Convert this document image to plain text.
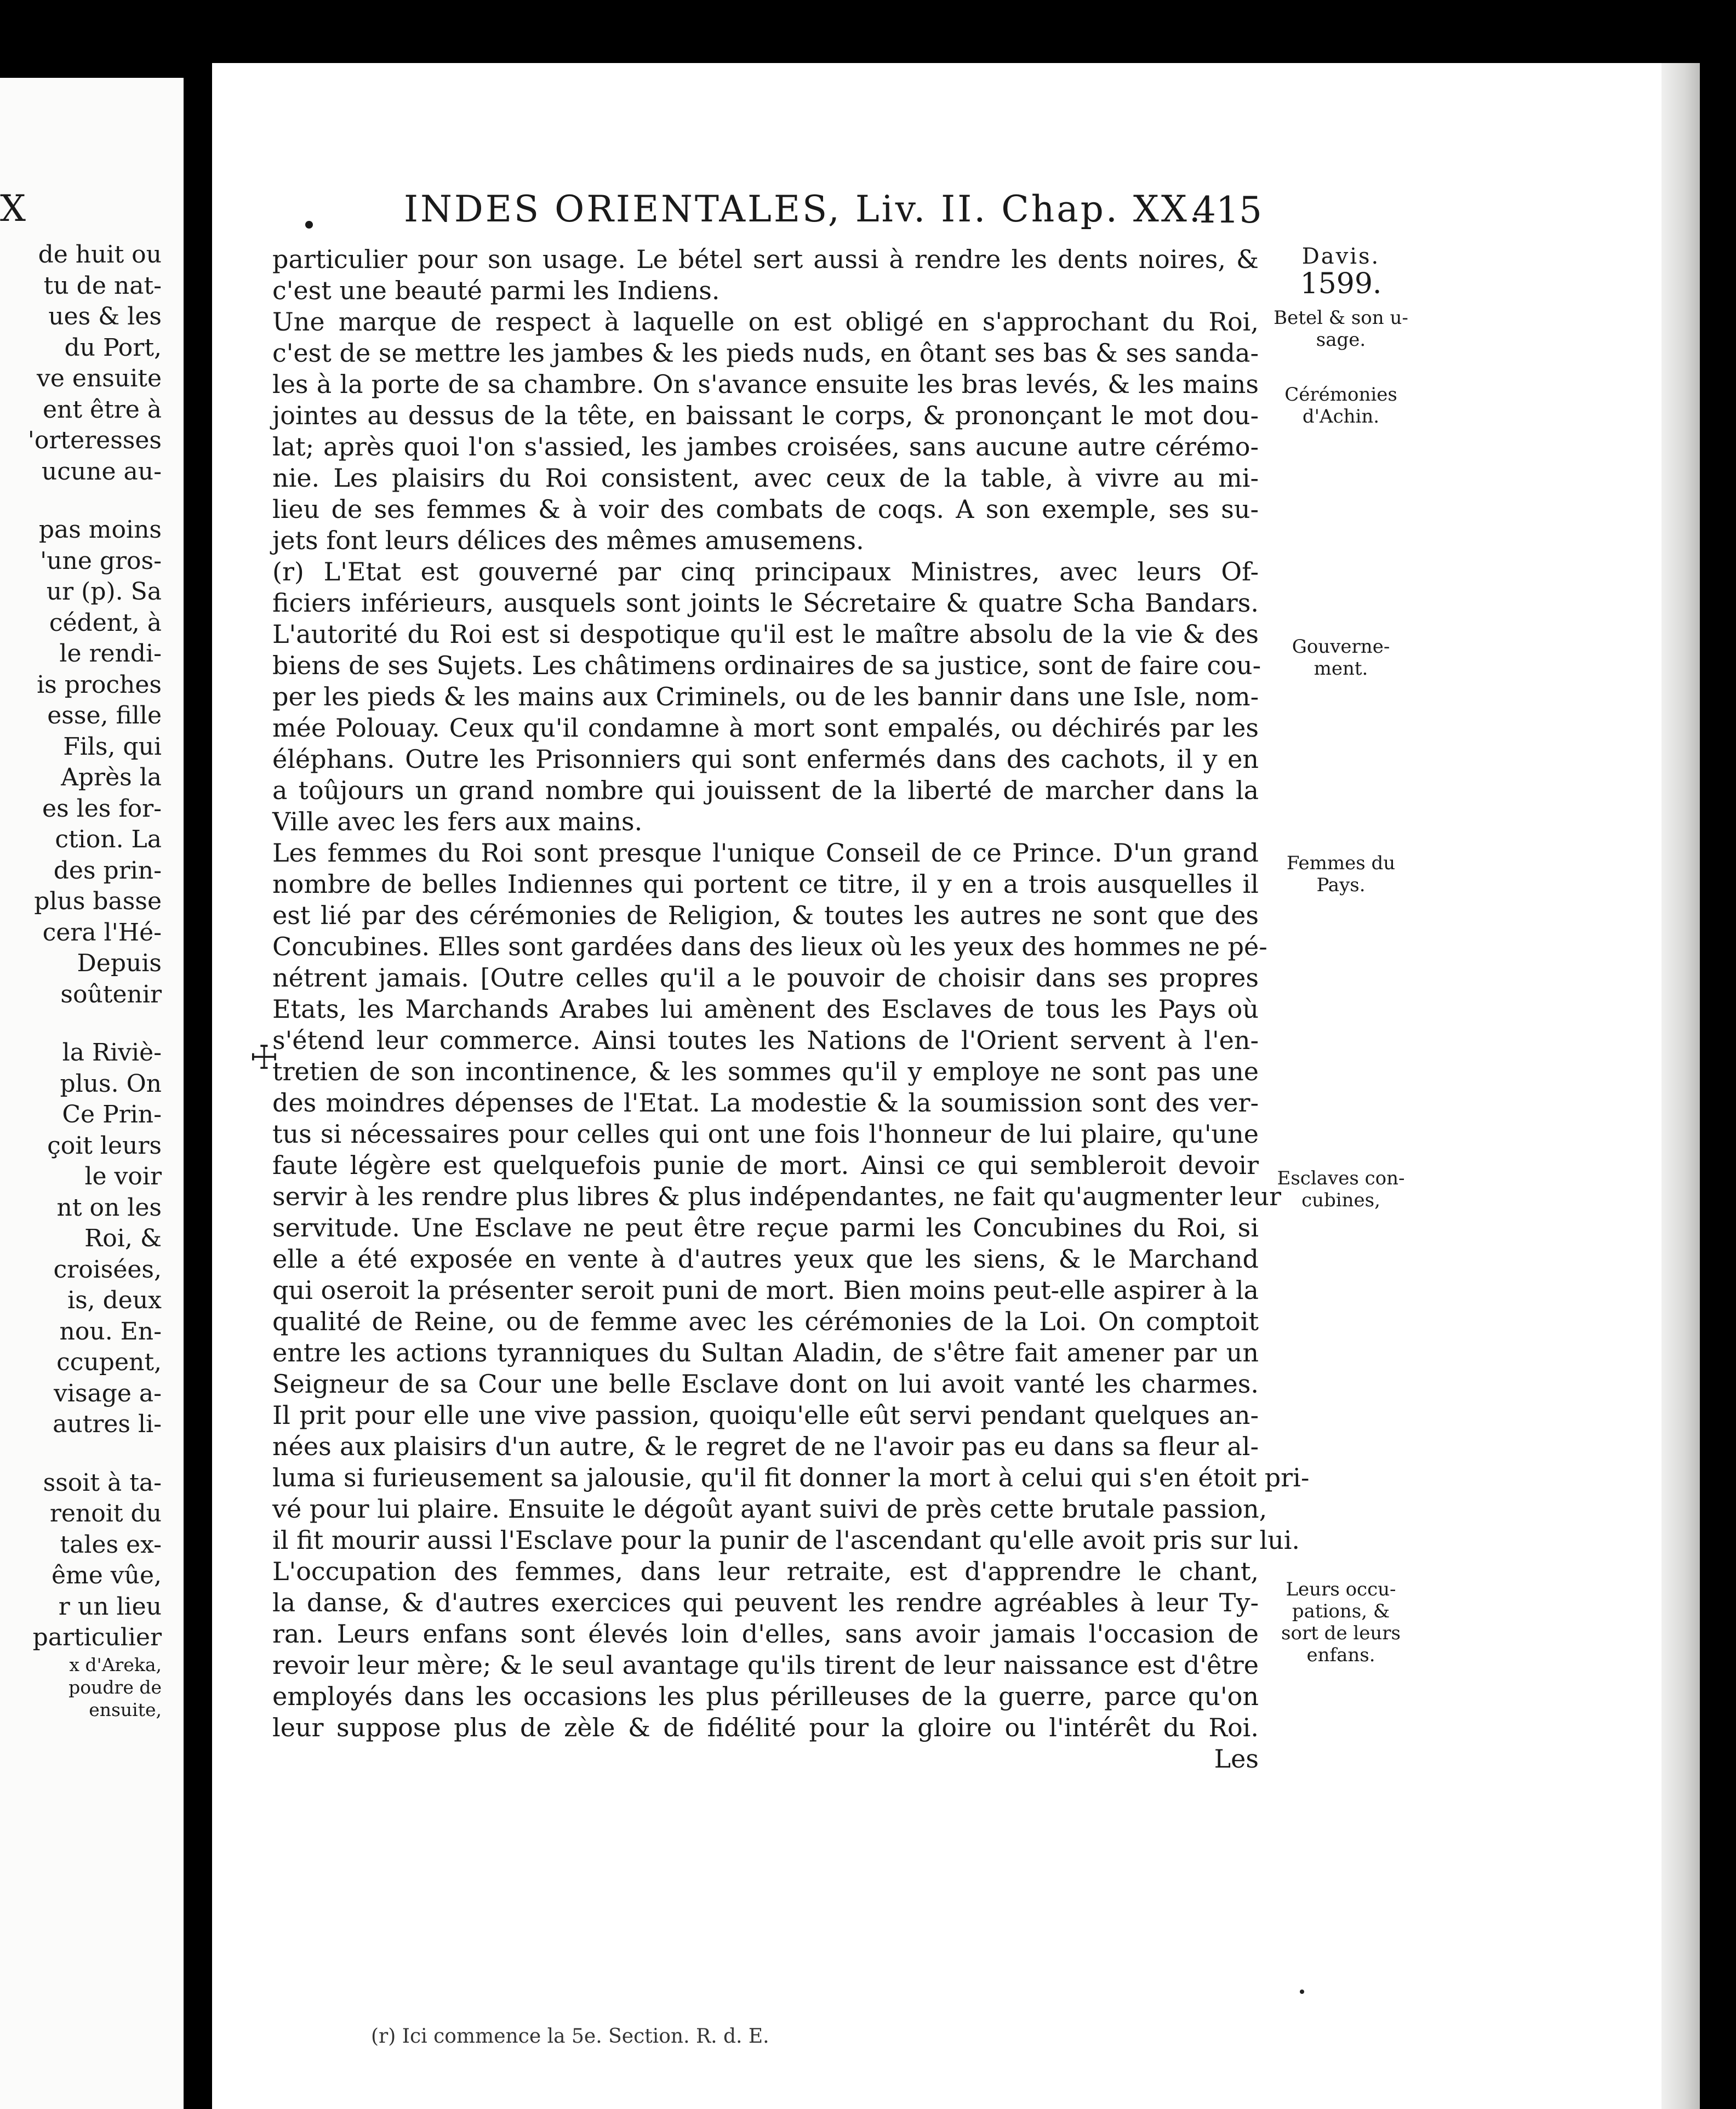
X
de huit ou
tu de nat-
ues & les
du Port,
ve ensuite
ent être à
'orteresses
ucune au-
pas moins
'une gros-
ur (p). Sa
cédent, à
le rendi-
is proches
esse, fille
Fils, qui
Après la
es les for-
ction. La
des prin-
plus basse
cera l'Hé-
Depuis
soûtenir
la Riviè-
plus. On
Ce Prin-
çoit leurs
le voir
nt on les
Roi, &
croisées,
is, deux
nou. En-
ccupent,
visage a-
autres li-
ssoit à ta-
renoit du
tales ex-
ême vûe,
r un lieu
particulier
x d'Areka,
poudre de
ensuite,
INDES ORIENTALES, Liv. II. Chap. XX.
415
☩
particulier pour son usage. Le bétel sert aussi à rendre les dents noires, &
c'est une beauté parmi les Indiens.
Une marque de respect à laquelle on est obligé en s'approchant du Roi,
c'est de se mettre les jambes & les pieds nuds, en ôtant ses bas & ses sanda-
les à la porte de sa chambre. On s'avance ensuite les bras levés, & les mains
jointes au dessus de la tête, en baissant le corps, & prononçant le mot dou-
lat; après quoi l'on s'assied, les jambes croisées, sans aucune autre cérémo-
nie. Les plaisirs du Roi consistent, avec ceux de la table, à vivre au mi-
lieu de ses femmes & à voir des combats de coqs. A son exemple, ses su-
jets font leurs délices des mêmes amusemens.
(r) L'Etat est gouverné par cinq principaux Ministres, avec leurs Of-
ficiers inférieurs, ausquels sont joints le Sécretaire & quatre Scha Bandars.
L'autorité du Roi est si despotique qu'il est le maître absolu de la vie & des
biens de ses Sujets. Les châtimens ordinaires de sa justice, sont de faire cou-
per les pieds & les mains aux Criminels, ou de les bannir dans une Isle, nom-
mée Polouay. Ceux qu'il condamne à mort sont empalés, ou déchirés par les
éléphans. Outre les Prisonniers qui sont enfermés dans des cachots, il y en
a toûjours un grand nombre qui jouissent de la liberté de marcher dans la
Ville avec les fers aux mains.
Les femmes du Roi sont presque l'unique Conseil de ce Prince. D'un grand
nombre de belles Indiennes qui portent ce titre, il y en a trois ausquelles il
est lié par des cérémonies de Religion, & toutes les autres ne sont que des
Concubines. Elles sont gardées dans des lieux où les yeux des hommes ne pé-
nétrent jamais. [Outre celles qu'il a le pouvoir de choisir dans ses propres
Etats, les Marchands Arabes lui amènent des Esclaves de tous les Pays où
s'étend leur commerce. Ainsi toutes les Nations de l'Orient servent à l'en-
tretien de son incontinence, & les sommes qu'il y employe ne sont pas une
des moindres dépenses de l'Etat. La modestie & la soumission sont des ver-
tus si nécessaires pour celles qui ont une fois l'honneur de lui plaire, qu'une
faute légère est quelquefois punie de mort. Ainsi ce qui sembleroit devoir
servir à les rendre plus libres & plus indépendantes, ne fait qu'augmenter leur
servitude. Une Esclave ne peut être reçue parmi les Concubines du Roi, si
elle a été exposée en vente à d'autres yeux que les siens, & le Marchand
qui oseroit la présenter seroit puni de mort. Bien moins peut-elle aspirer à la
qualité de Reine, ou de femme avec les cérémonies de la Loi. On comptoit
entre les actions tyranniques du Sultan Aladin, de s'être fait amener par un
Seigneur de sa Cour une belle Esclave dont on lui avoit vanté les charmes.
Il prit pour elle une vive passion, quoiqu'elle eût servi pendant quelques an-
nées aux plaisirs d'un autre, & le regret de ne l'avoir pas eu dans sa fleur al-
luma si furieusement sa jalousie, qu'il fit donner la mort à celui qui s'en étoit pri-
vé pour lui plaire. Ensuite le dégoût ayant suivi de près cette brutale passion,
il fit mourir aussi l'Esclave pour la punir de l'ascendant qu'elle avoit pris sur lui.
L'occupation des femmes, dans leur retraite, est d'apprendre le chant,
la danse, & d'autres exercices qui peuvent les rendre agréables à leur Ty-
ran. Leurs enfans sont élevés loin d'elles, sans avoir jamais l'occasion de
revoir leur mère; & le seul avantage qu'ils tirent de leur naissance est d'être
employés dans les occasions les plus périlleuses de la guerre, parce qu'on
leur suppose plus de zèle & de fidélité pour la gloire ou l'intérêt du Roi.
Les
Davis.
1599.
Betel & son u-
sage.
Cérémonies
d'Achin.
Gouverne-
ment.
Femmes du
Pays.
Esclaves con-
cubines,
Leurs occu-
pations, &
sort de leurs
enfans.
(r) Ici commence la 5e. Section. R. d. E.
